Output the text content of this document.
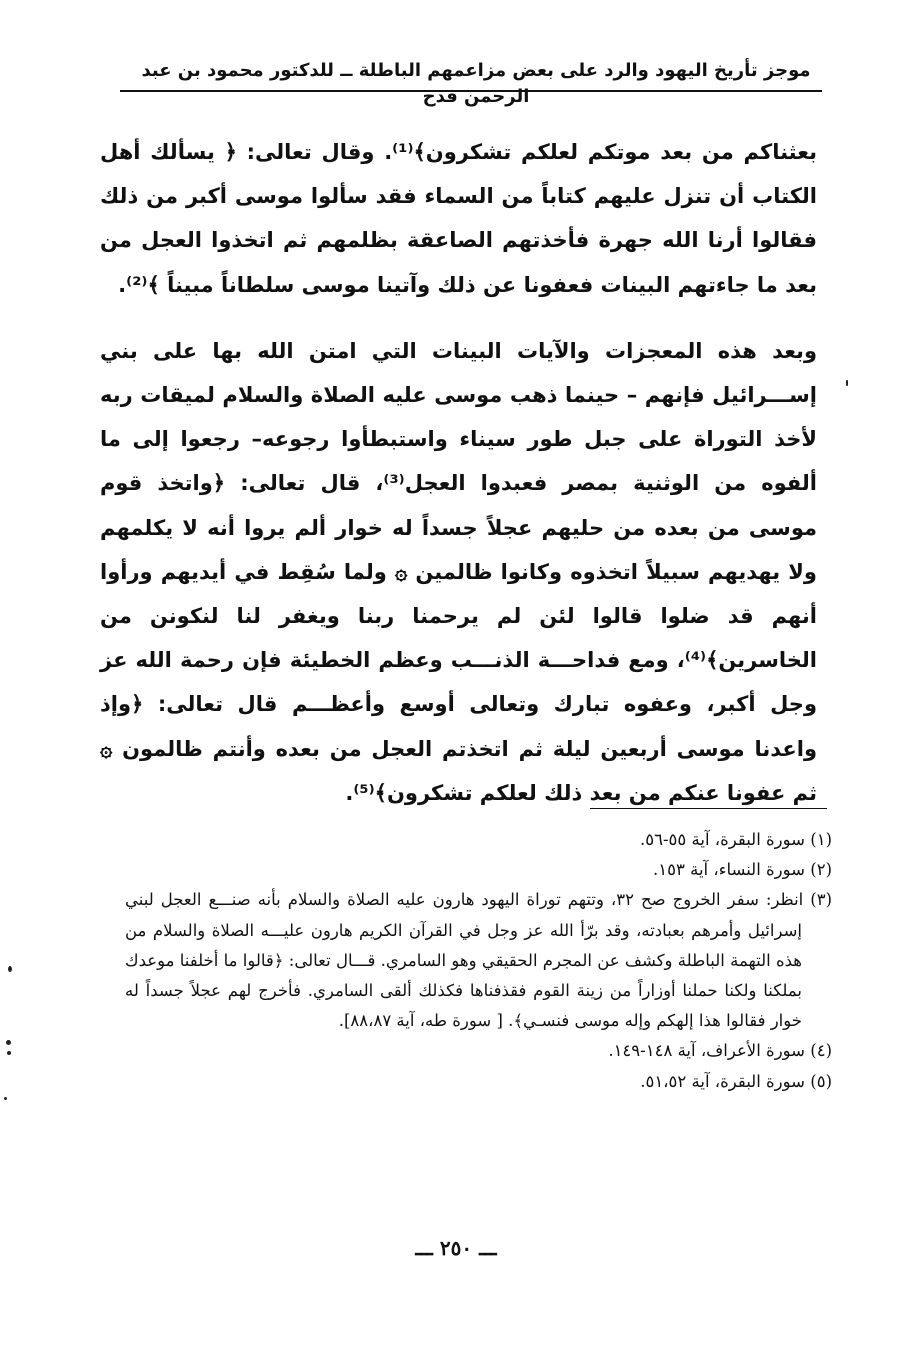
موجز تأريخ اليهود والرد على بعض مزاعمهم الباطلة ــ للدكتور محمود بن عبد الرحمن قدح

بعثناكم من بعد موتكم لعلكم تشكرون﴾⁽¹⁾. وقال تعالى: ﴿ يسألك أهل الكتاب أن تنزل عليهم كتاباً من السماء فقد سألوا موسى أكبر من ذلك فقالوا أرنا الله جهرة فأخذتهم الصاعقة بظلمهم ثم اتخذوا العجل من بعد ما جاءتهم البينات فعفونا عن ذلك وآتينا موسى سلطاناً مبيناً ﴾⁽²⁾.

وبعد هذه المعجزات والآيات البينات التي امتن الله بها على بني إســـرائيل فإنهم – حينما ذهب موسى عليه الصلاة والسلام لميقات ربه لأخذ التوراة على جبل طور سيناء واستبطأوا رجوعه– رجعوا إلى ما ألفوه من الوثنية بمصر فعبدوا العجل⁽³⁾، قال تعالى: ﴿واتخذ قوم موسى من بعده من حليهم عجلاً جسداً له خوار ألم يروا أنه لا يكلمهم ولا يهديهم سبيلاً اتخذوه وكانوا ظالمين ۞ ولما سُقِط في أيديهم ورأوا أنهم قد ضلوا قالوا لئن لم يرحمنا ربنا ويغفر لنا لنكونن من الخاسرين﴾⁽⁴⁾، ومع فداحـــة الذنـــب وعظم الخطيئة فإن رحمة الله عز وجل أكبر، وعفوه تبارك وتعالى أوسع وأعظـــم قال تعالى: ﴿وإذ واعدنا موسى أربعين ليلة ثم اتخذتم العجل من بعده وأنتم ظالمون ۞ ثم عفونا عنكم من بعد ذلك لعلكم تشكرون﴾⁽⁵⁾.

(١) سورة البقرة، آية ٥٥-٥٦.

(٢) سورة النساء، آية ١٥٣.

(٣) انظر: سفر الخروج صح ٣٢، وتتهم توراة اليهود هارون عليه الصلاة والسلام بأنه صنـــع العجل لبني إسرائيل وأمرهم بعبادته، وقد برّأ الله عز وجل في القرآن الكريم هارون عليـــه الصلاة والسلام من هذه التهمة الباطلة وكشف عن المجرم الحقيقي وهو السامري. قـــال تعالى: ﴿قالوا ما أخلفنا موعدك بملكنا ولكنا حملنا أوزاراً من زينة القوم فقذفناها فكذلك ألقى السامري. فأخرج لهم عجلاً جسداً له خوار فقالوا هذا إلهكم وإله موسى فنسـي﴾. [ سورة طه، آية ٨٨،٨٧].

(٤) سورة الأعراف، آية ١٤٨-١٤٩.

(٥) سورة البقرة، آية ٥١،٥٢.

ـــ ٢٥٠ ـــ
